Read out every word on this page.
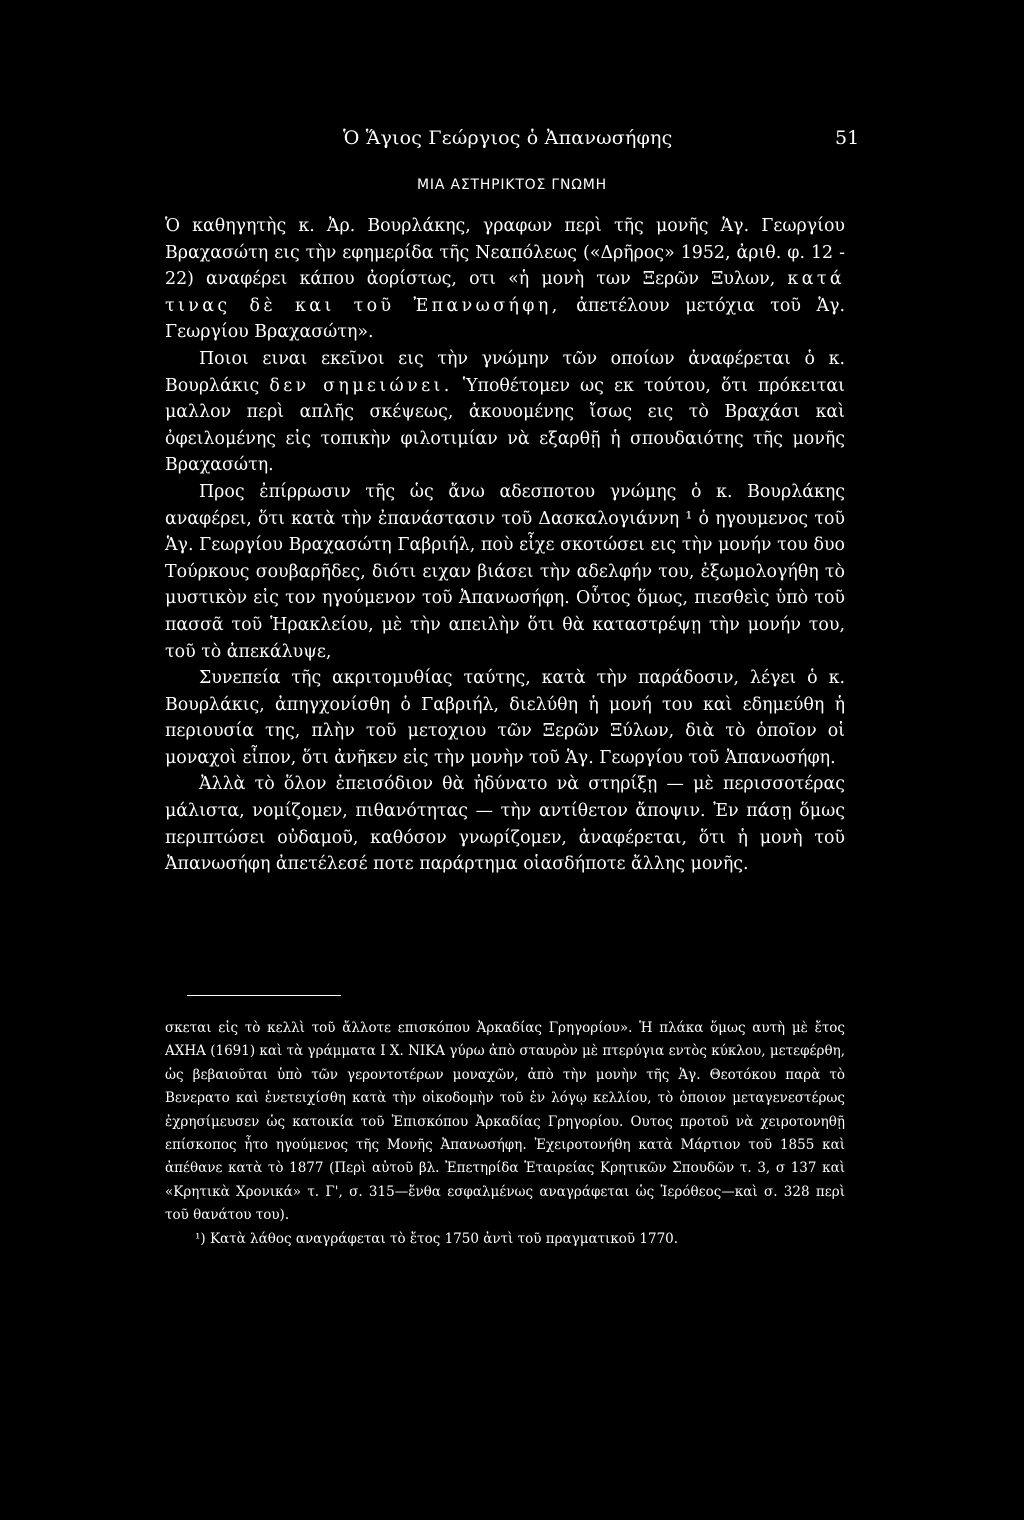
Ὁ Ἅγιος Γεώργιος ὁ Ἀπανωσήφης	51
ΜΙΑ ΑΣΤΗΡΙΚΤΟΣ ΓΝΩΜΗ

Ὁ καθηγητὴς κ. Ἀρ. Βουρλάκης, γραφων περὶ τῆς μονῆς Ἁγ. Γεωργίου Βραχασώτη εις τὴν εφημερίδα τῆς Νεαπόλεως («Δρῆρος» 1952, ἀριθ. φ. 12 - 22) αναφέρει κάπου ἀορίστως, οτι «ἡ μονὴ των Ξερῶν Ξυλων, κατά τινας δὲ και τοῦ Ἐπανωσήφη, ἀπετέλουν μετόχια τοῦ Ἁγ. Γεωργίου Βραχασώτη».

Ποιοι ειναι εκεῖνοι εις τὴν γνώμην τῶν οποίων ἀναφέρεται ὁ κ. Βουρλάκις δεν σημειώνει. Ὑποθέτομεν ως εκ τούτου, ὅτι πρόκειται μαλλον περὶ απλῆς σκέψεως, ἀκουομένης ἴσως εις τὸ Βραχάσι καὶ ὀφειλομένης εἰς τοπικὴν φιλοτιμίαν νὰ εξαρθῇ ἡ σπουδαιότης τῆς μονῆς Βραχασώτη.

Προς ἐπίρρωσιν τῆς ὡς ἄνω αδεσποτου γνώμης ὁ κ. Βουρλάκης αναφέρει, ὅτι κατὰ τὴν ἐπανάστασιν τοῦ Δασκαλογιάννη ¹ ὁ ηγουμενος τοῦ Ἁγ. Γεωργίου Βραχασώτη Γαβριήλ, ποὺ εἶχε σκοτώσει εις τὴν μονήν του δυο Τούρκους σουβαρῆδες, διότι ειχαν βιάσει τὴν αδελφήν του, ἐξωμολογήθη τὸ μυστικὸν εἰς τον ηγούμενον τοῦ Ἀπανωσήφη. Οὗτος ὅμως, πιεσθεὶς ὑπὸ τοῦ πασσᾶ τοῦ Ἡρακλείου, μὲ τὴν απειλὴν ὅτι θὰ καταστρέψῃ τὴν μονήν του, τοῦ τὸ ἀπεκάλυψε,

Συνεπεία τῆς ακριτομυθίας ταύτης, κατὰ τὴν παράδοσιν, λέγει ὁ κ. Βουρλάκις, ἀπηγχονίσθη ὁ Γαβριήλ, διελύθη ἡ μονή του καὶ εδημεύθη ἡ περιουσία της, πλὴν τοῦ μετοχιου τῶν Ξερῶν Ξύλων, διὰ τὸ ὁποῖον οἱ μοναχοὶ εἶπον, ὅτι ἀνῆκεν εἰς τὴν μονὴν τοῦ Ἁγ. Γεωργίου τοῦ Ἀπανωσήφη.

Ἀλλὰ τὸ ὅλον ἐπεισόδιον θὰ ἠδύνατο νὰ στηρίξῃ — μὲ περισσοτέρας μάλιστα, νομίζομεν, πιθανότητας — τὴν αντίθετον ἄποψιν. Ἐν πάσῃ ὅμως περιπτώσει οὐδαμοῦ, καθόσον γνωρίζομεν, ἀναφέρεται, ὅτι ἡ μονὴ τοῦ Ἀπανωσήφη ἀπετέλεσέ ποτε παράρτημα οἱασδήποτε ἄλλης μονῆς.

σκεται εἰς τὸ κελλὶ τοῦ ἄλλοτε επισκόπου Ἀρκαδίας Γρηγορίου». Ἡ πλάκα ὅμως αυτὴ μὲ ἔτος ΑΧΗΑ (1691) καὶ τὰ γράμματα Ι Χ. ΝΙΚΑ γύρω ἀπὸ σταυρὸν μὲ πτερύγια εντὸς κύκλου, μετεφέρθη, ὡς βεβαιοῦται ὑπὸ τῶν γεροντοτέρων μοναχῶν, ἀπὸ τὴν μονὴν τῆς Ἁγ. Θεοτόκου παρὰ τὸ Βενερατο καὶ ἐνετειχίσθη κατὰ τὴν οἰκοδομὴν τοῦ ἐν λόγῳ κελλίου, τὸ ὁποιον μεταγενεστέρως ἐχρησίμευσεν ὡς κατοικία τοῦ Ἐπισκόπου Ἀρκαδίας Γρηγορίου. Ουτος προτοῦ νὰ χειροτονηθῇ επίσκοπος ἦτο ηγούμενος τῆς Μονῆς Ἀπανωσήφη. Ἐχειροτονήθη κατὰ Μάρτιον τοῦ 1855 καὶ ἀπέθανε κατὰ τὸ 1877 (Περὶ αὐτοῦ βλ. Ἐπετηρίδα Ἑταιρείας Κρητικῶν Σπουδῶν τ. 3, σ 137 καὶ «Κρητικὰ Χρονικά» τ. Γ', σ. 315—ἔνθα εσφαλμένως αναγράφεται ὡς Ἱερόθεος—καὶ σ. 328 περὶ τοῦ θανάτου του).

¹) Κατὰ λάθος αναγράφεται τὸ ἔτος 1750 ἀντὶ τοῦ πραγματικοῦ 1770.
